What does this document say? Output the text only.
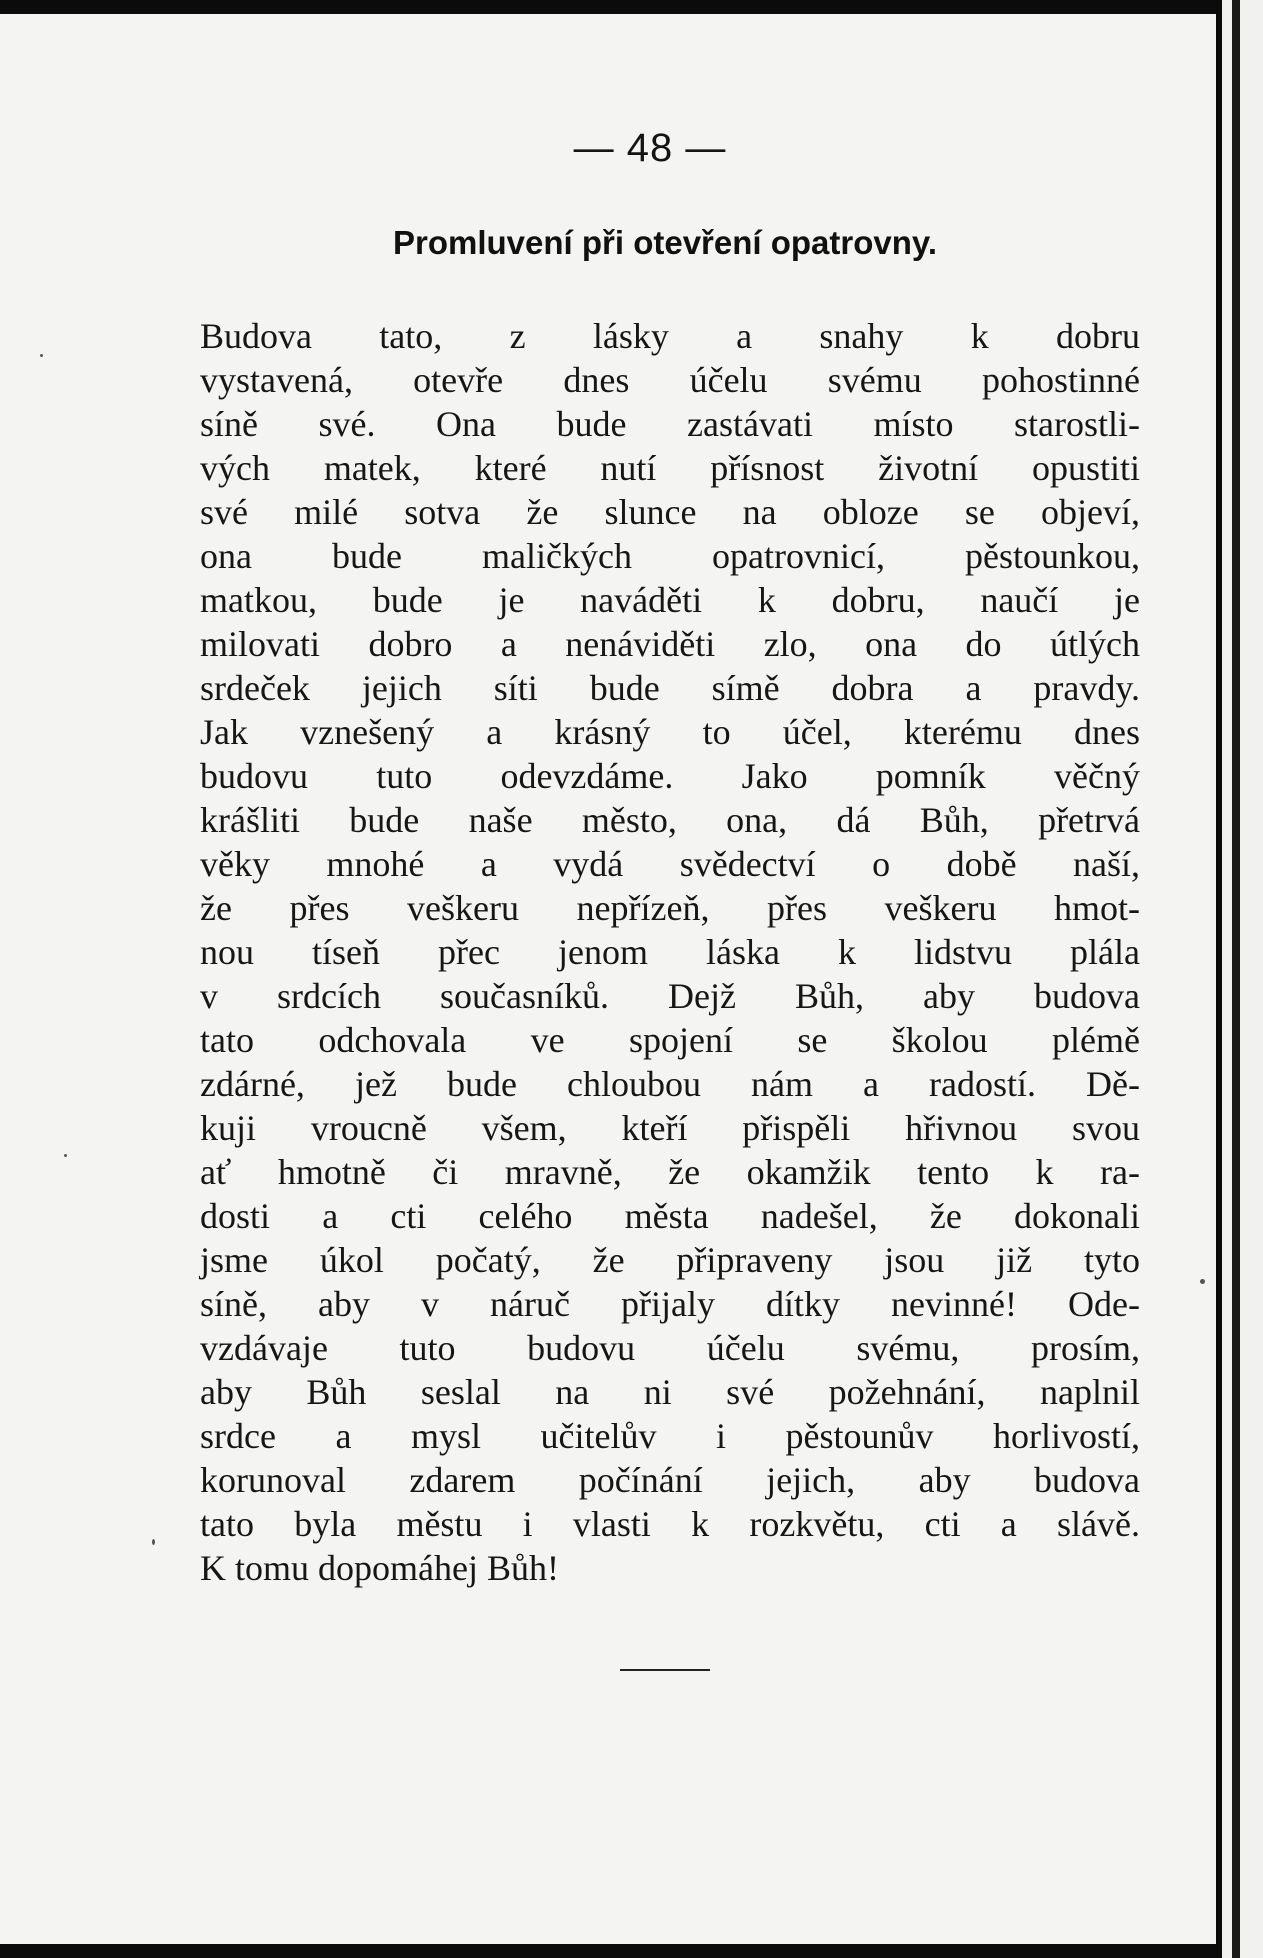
— 48 —
Promluvení při otevření opatrovny.
Budova tato, z lásky a snahy k dobru
vystavená, otevře dnes účelu svému pohostinné
síně své. Ona bude zastávati místo starostli-
vých matek, které nutí přísnost životní opustiti
své milé sotva že slunce na obloze se objeví,
ona bude maličkých opatrovnicí, pěstounkou,
matkou, bude je naváděti k dobru, naučí je
milovati dobro a nenáviděti zlo, ona do útlých
srdeček jejich síti bude símě dobra a pravdy.
Jak vznešený a krásný to účel, kterému dnes
budovu tuto odevzdáme. Jako pomník věčný
krášliti bude naše město, ona, dá Bůh, přetrvá
věky mnohé a vydá svědectví o době naší,
že přes veškeru nepřízeň, přes veškeru hmot-
nou tíseň přec jenom láska k lidstvu plála
v srdcích současníků. Dejž Bůh, aby budova
tato odchovala ve spojení se školou plémě
zdárné, jež bude chloubou nám a radostí. Dě-
kuji vroucně všem, kteří přispěli hřivnou svou
ať hmotně či mravně, že okamžik tento k ra-
dosti a cti celého města nadešel, že dokonali
jsme úkol počatý, že připraveny jsou již tyto
síně, aby v náruč přijaly dítky nevinné! Ode-
vzdávaje tuto budovu účelu svému, prosím,
aby Bůh seslal na ni své požehnání, naplnil
srdce a mysl učitelův i pěstounův horlivostí,
korunoval zdarem počínání jejich, aby budova
tato byla městu i vlasti k rozkvětu, cti a slávě.
K tomu dopomáhej Bůh!
